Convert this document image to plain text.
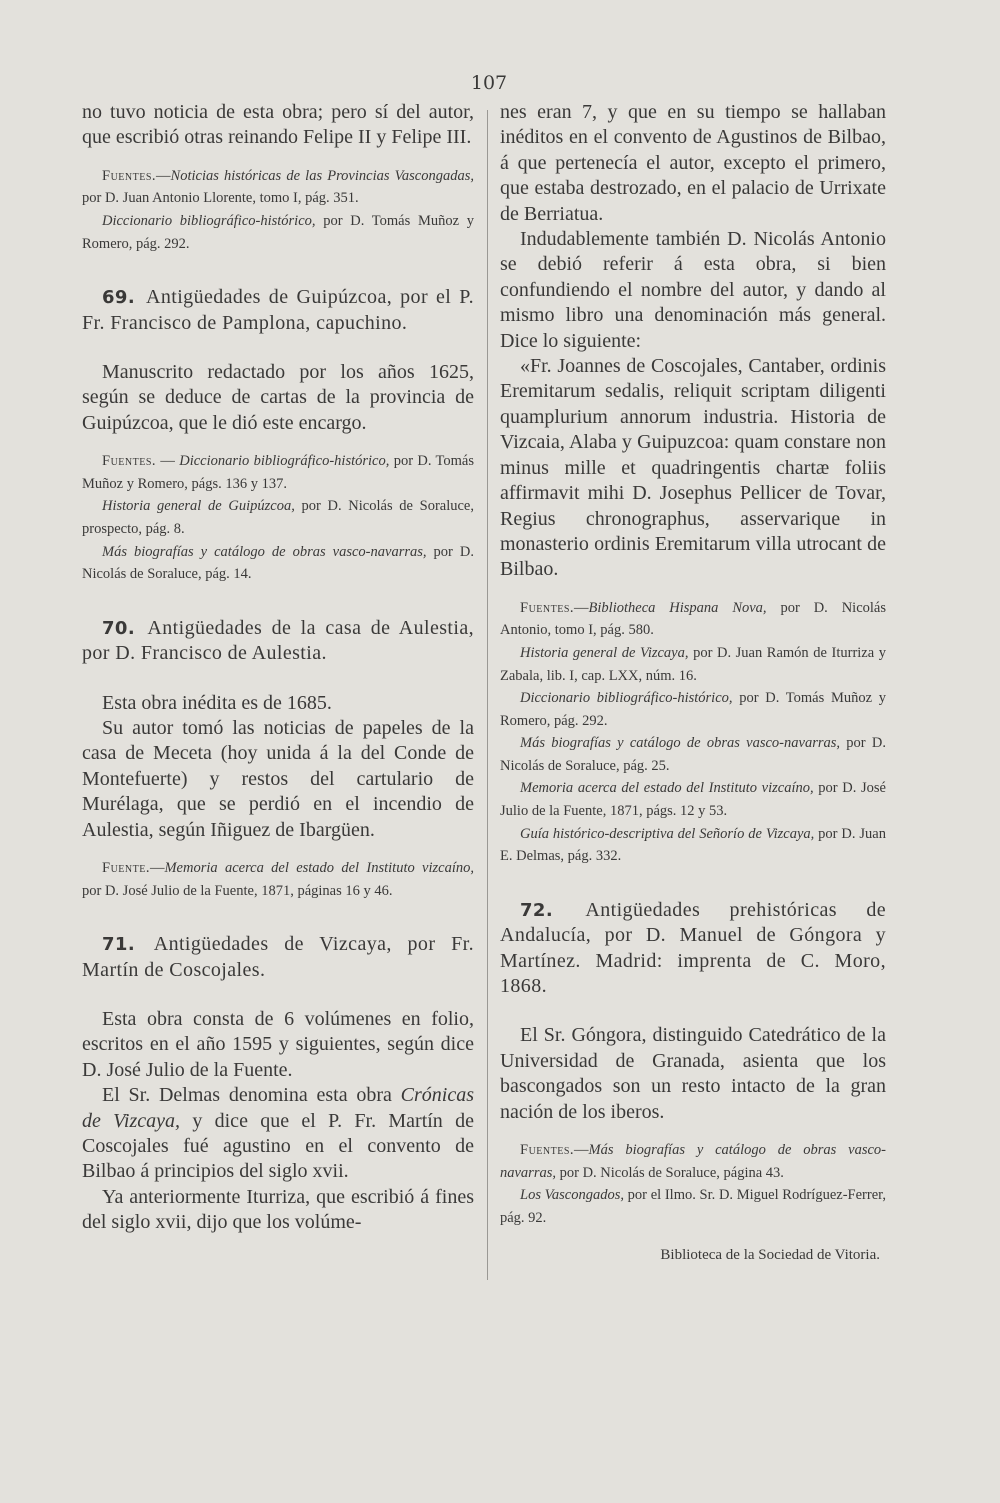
107

no tuvo noticia de esta obra; pero sí del autor, que escribió otras reinando Felipe II y Felipe III.

Fuentes.—Noticias históricas de las Provincias Vascongadas, por D. Juan Antonio Llorente, tomo I, pág. 351.

Diccionario bibliográfico-histórico, por D. Tomás Muñoz y Romero, pág. 292.

69. Antigüedades de Guipúzcoa, por el P. Fr. Francisco de Pamplona, capuchino.

Manuscrito redactado por los años 1625, según se deduce de cartas de la provincia de Guipúzcoa, que le dió este encargo.

Fuentes. — Diccionario bibliográfico-histórico, por D. Tomás Muñoz y Romero, págs. 136 y 137.

Historia general de Guipúzcoa, por D. Nicolás de Soraluce, prospecto, pág. 8.

Más biografías y catálogo de obras vasco-navarras, por D. Nicolás de Soraluce, pág. 14.

70. Antigüedades de la casa de Aulestia, por D. Francisco de Aulestia.

Esta obra inédita es de 1685.

Su autor tomó las noticias de papeles de la casa de Meceta (hoy unida á la del Conde de Montefuerte) y restos del cartulario de Murélaga, que se perdió en el incendio de Aulestia, según Iñiguez de Ibargüen.

Fuente.—Memoria acerca del estado del Instituto vizcaíno, por D. José Julio de la Fuente, 1871, páginas 16 y 46.

71. Antigüedades de Vizcaya, por Fr. Martín de Coscojales.

Esta obra consta de 6 volúmenes en folio, escritos en el año 1595 y siguientes, según dice D. José Julio de la Fuente.

El Sr. Delmas denomina esta obra Crónicas de Vizcaya, y dice que el P. Fr. Martín de Coscojales fué agustino en el convento de Bilbao á principios del siglo xvii.

Ya anteriormente Iturriza, que escribió á fines del siglo xvii, dijo que los volúme-

nes eran 7, y que en su tiempo se hallaban inéditos en el convento de Agustinos de Bilbao, á que pertenecía el autor, excepto el primero, que estaba destrozado, en el palacio de Urrixate de Berriatua.

Indudablemente también D. Nicolás Antonio se debió referir á esta obra, si bien confundiendo el nombre del autor, y dando al mismo libro una denominación más general. Dice lo siguiente:

«Fr. Joannes de Coscojales, Cantaber, ordinis Eremitarum sedalis, reliquit scriptam diligenti quamplurium annorum industria. Historia de Vizcaia, Alaba y Guipuzcoa: quam constare non minus mille et quadringentis chartæ foliis affirmavit mihi D. Josephus Pellicer de Tovar, Regius chronographus, asservarique in monasterio ordinis Eremitarum villa utrocant de Bilbao.

Fuentes.—Bibliotheca Hispana Nova, por D. Nicolás Antonio, tomo I, pág. 580.

Historia general de Vizcaya, por D. Juan Ramón de Iturriza y Zabala, lib. I, cap. LXX, núm. 16.

Diccionario bibliográfico-histórico, por D. Tomás Muñoz y Romero, pág. 292.

Más biografías y catálogo de obras vasco-navarras, por D. Nicolás de Soraluce, pág. 25.

Memoria acerca del estado del Instituto vizcaíno, por D. José Julio de la Fuente, 1871, págs. 12 y 53.

Guía histórico-descriptiva del Señorío de Vizcaya, por D. Juan E. Delmas, pág. 332.

72. Antigüedades prehistóricas de Andalucía, por D. Manuel de Góngora y Martínez. Madrid: imprenta de C. Moro, 1868.

El Sr. Góngora, distinguido Catedrático de la Universidad de Granada, asienta que los bascongados son un resto intacto de la gran nación de los iberos.

Fuentes.—Más biografías y catálogo de obras vasco-navarras, por D. Nicolás de Soraluce, página 43.

Los Vascongados, por el Ilmo. Sr. D. Miguel Rodríguez-Ferrer, pág. 92.

Biblioteca de la Sociedad de Vitoria.
